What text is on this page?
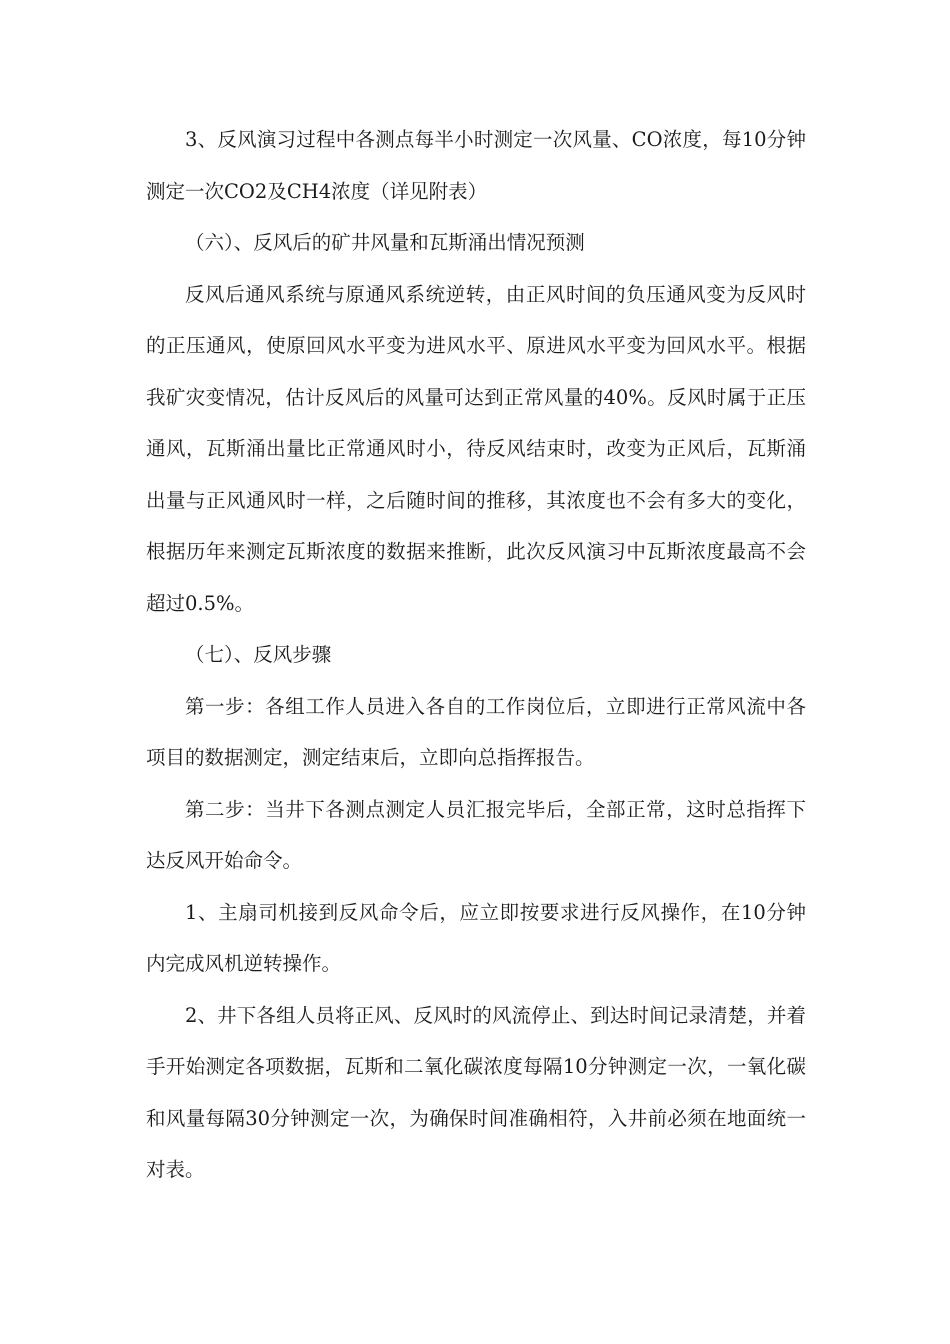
3、反风演习过程中各测点每半小时测定一次风量、CO浓度，每10分钟测定一次CO2及CH4浓度（详见附表）

（六）、反风后的矿井风量和瓦斯涌出情况预测

反风后通风系统与原通风系统逆转，由正风时间的负压通风变为反风时的正压通风，使原回风水平变为进风水平、原进风水平变为回风水平。根据我矿灾变情况，估计反风后的风量可达到正常风量的40%。反风时属于正压通风，瓦斯涌出量比正常通风时小，待反风结束时，改变为正风后，瓦斯涌出量与正风通风时一样，之后随时间的推移，其浓度也不会有多大的变化，根据历年来测定瓦斯浓度的数据来推断，此次反风演习中瓦斯浓度最高不会超过0.5%。

（七）、反风步骤

第一步：各组工作人员进入各自的工作岗位后，立即进行正常风流中各项目的数据测定，测定结束后，立即向总指挥报告。

第二步：当井下各测点测定人员汇报完毕后，全部正常，这时总指挥下达反风开始命令。

1、主扇司机接到反风命令后，应立即按要求进行反风操作，在10分钟内完成风机逆转操作。

2、井下各组人员将正风、反风时的风流停止、到达时间记录清楚，并着手开始测定各项数据，瓦斯和二氧化碳浓度每隔10分钟测定一次，一氧化碳和风量每隔30分钟测定一次，为确保时间准确相符，入井前必须在地面统一对表。
